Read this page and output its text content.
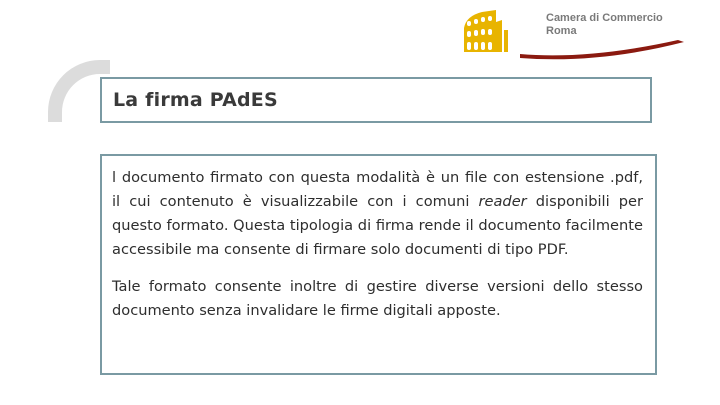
Camera di Commercio
Roma
La firma PAdES

l documento firmato con questa modalità è un file con estensione .pdf, il cui contenuto è visualizzabile con i comuni reader disponibili per questo formato. Questa tipologia di firma rende il documento facilmente accessibile ma consente di firmare solo documenti di tipo PDF.

Tale formato consente inoltre di gestire diverse versioni dello stesso documento senza invalidare le firme digitali apposte.
